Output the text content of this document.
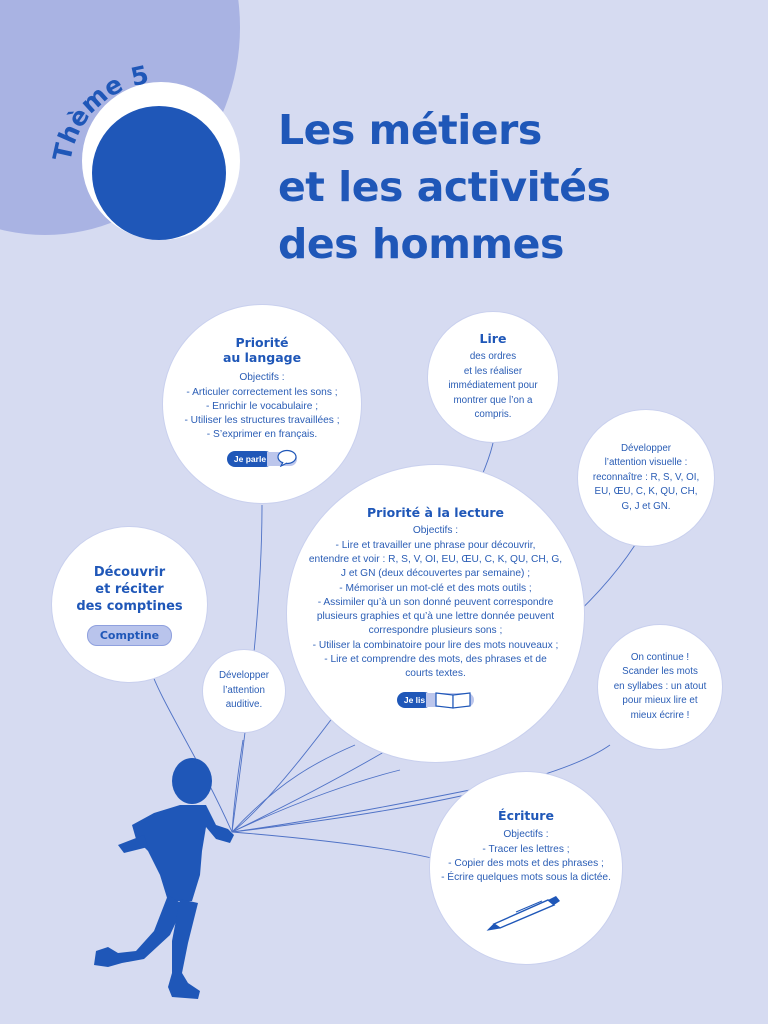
Thème 5
Les métiers
et les activités
des hommes
Priorité
au langage
Objectifs :
- Articuler correctement les sons ;
- Enrichir le vocabulaire ;
- Utiliser les structures travaillées ;
- S’exprimer en français.
Je parle
Lire
des ordres
et les réaliser
immédiatement pour
montrer que l’on a
compris.
Développer
l’attention visuelle :
reconnaître : R, S, V, OI,
EU, ŒU, C, K, QU, CH,
G, J et GN.
Découvrir
et réciter
des comptines
Comptine
Priorité à la lecture
Objectifs :
- Lire et travailler une phrase pour découvrir,
entendre et voir : R, S, V, OI, EU, ŒU, C, K, QU, CH, G,
J et GN (deux découvertes par semaine) ;
- Mémoriser un mot-clé et des mots outils ;
- Assimiler qu’à un son donné peuvent correspondre
plusieurs graphies et qu’à une lettre donnée peuvent
correspondre plusieurs sons ;
- Utiliser la combinatoire pour lire des mots nouveaux ;
- Lire et comprendre des mots, des phrases et de
courts textes.
Je lis
Développer
l’attention
auditive.
On continue !
Scander les mots
en syllabes : un atout
pour mieux lire et
mieux écrire !
Écriture
Objectifs :
- Tracer les lettres ;
- Copier des mots et des phrases ;
- Écrire quelques mots sous la dictée.
